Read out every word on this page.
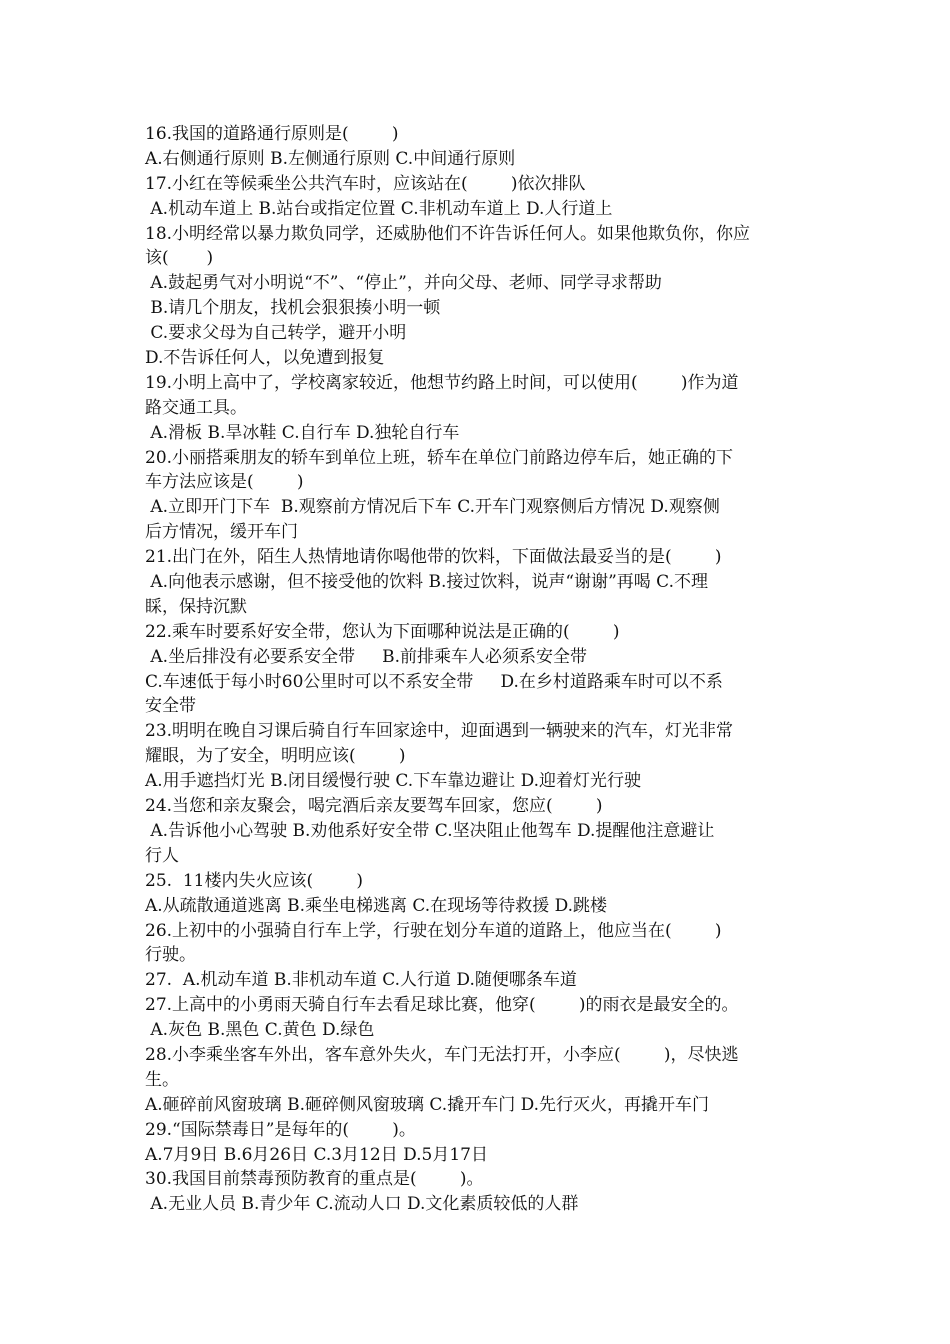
16.我国的道路通行原则是(        )
A.右侧通行原则 B.左侧通行原则 C.中间通行原则
17.小红在等候乘坐公共汽车时，应该站在(        )依次排队
A.机动车道上 B.站台或指定位置 C.非机动车道上 D.人行道上
18.小明经常以暴力欺负同学，还威胁他们不许告诉任何人。如果他欺负你，你应
该(       )
A.鼓起勇气对小明说“不”、“停止”，并向父母、老师、同学寻求帮助
B.请几个朋友，找机会狠狠揍小明一顿
C.要求父母为自己转学，避开小明
D.不告诉任何人，以免遭到报复
19.小明上高中了，学校离家较近，他想节约路上时间，可以使用(        )作为道
路交通工具。
A.滑板 B.旱冰鞋 C.自行车 D.独轮自行车
20.小丽搭乘朋友的轿车到单位上班，轿车在单位门前路边停车后，她正确的下
车方法应该是(        )
A.立即开门下车  B.观察前方情况后下车 C.开车门观察侧后方情况 D.观察侧
后方情况，缓开车门
21.出门在外，陌生人热情地请你喝他带的饮料，下面做法最妥当的是(        )
A.向他表示感谢，但不接受他的饮料 B.接过饮料，说声“谢谢”再喝 C.不理
睬，保持沉默
22.乘车时要系好安全带，您认为下面哪种说法是正确的(        )
A.坐后排没有必要系安全带     B.前排乘车人必须系安全带
C.车速低于每小时60公里时可以不系安全带     D.在乡村道路乘车时可以不系
安全带
23.明明在晚自习课后骑自行车回家途中，迎面遇到一辆驶来的汽车，灯光非常
耀眼，为了安全，明明应该(        )
A.用手遮挡灯光 B.闭目缓慢行驶 C.下车靠边避让 D.迎着灯光行驶
24.当您和亲友聚会，喝完酒后亲友要驾车回家，您应(        )
A.告诉他小心驾驶 B.劝他系好安全带 C.坚决阻止他驾车 D.提醒他注意避让
行人
25.  11楼内失火应该(        )
A.从疏散通道逃离 B.乘坐电梯逃离 C.在现场等待救援 D.跳楼
26.上初中的小强骑自行车上学，行驶在划分车道的道路上，他应当在(        )
行驶。
27.  A.机动车道 B.非机动车道 C.人行道 D.随便哪条车道
27.上高中的小勇雨天骑自行车去看足球比赛，他穿(        )的雨衣是最安全的。
A.灰色 B.黑色 C.黄色 D.绿色
28.小李乘坐客车外出，客车意外失火，车门无法打开，小李应(        )，尽快逃
生。
A.砸碎前风窗玻璃 B.砸碎侧风窗玻璃 C.撬开车门 D.先行灭火，再撬开车门
29.“国际禁毒日”是每年的(        )。
A.7月9日 B.6月26日 C.3月12日 D.5月17日
30.我国目前禁毒预防教育的重点是(        )。
A.无业人员 B.青少年 C.流动人口 D.文化素质较低的人群
